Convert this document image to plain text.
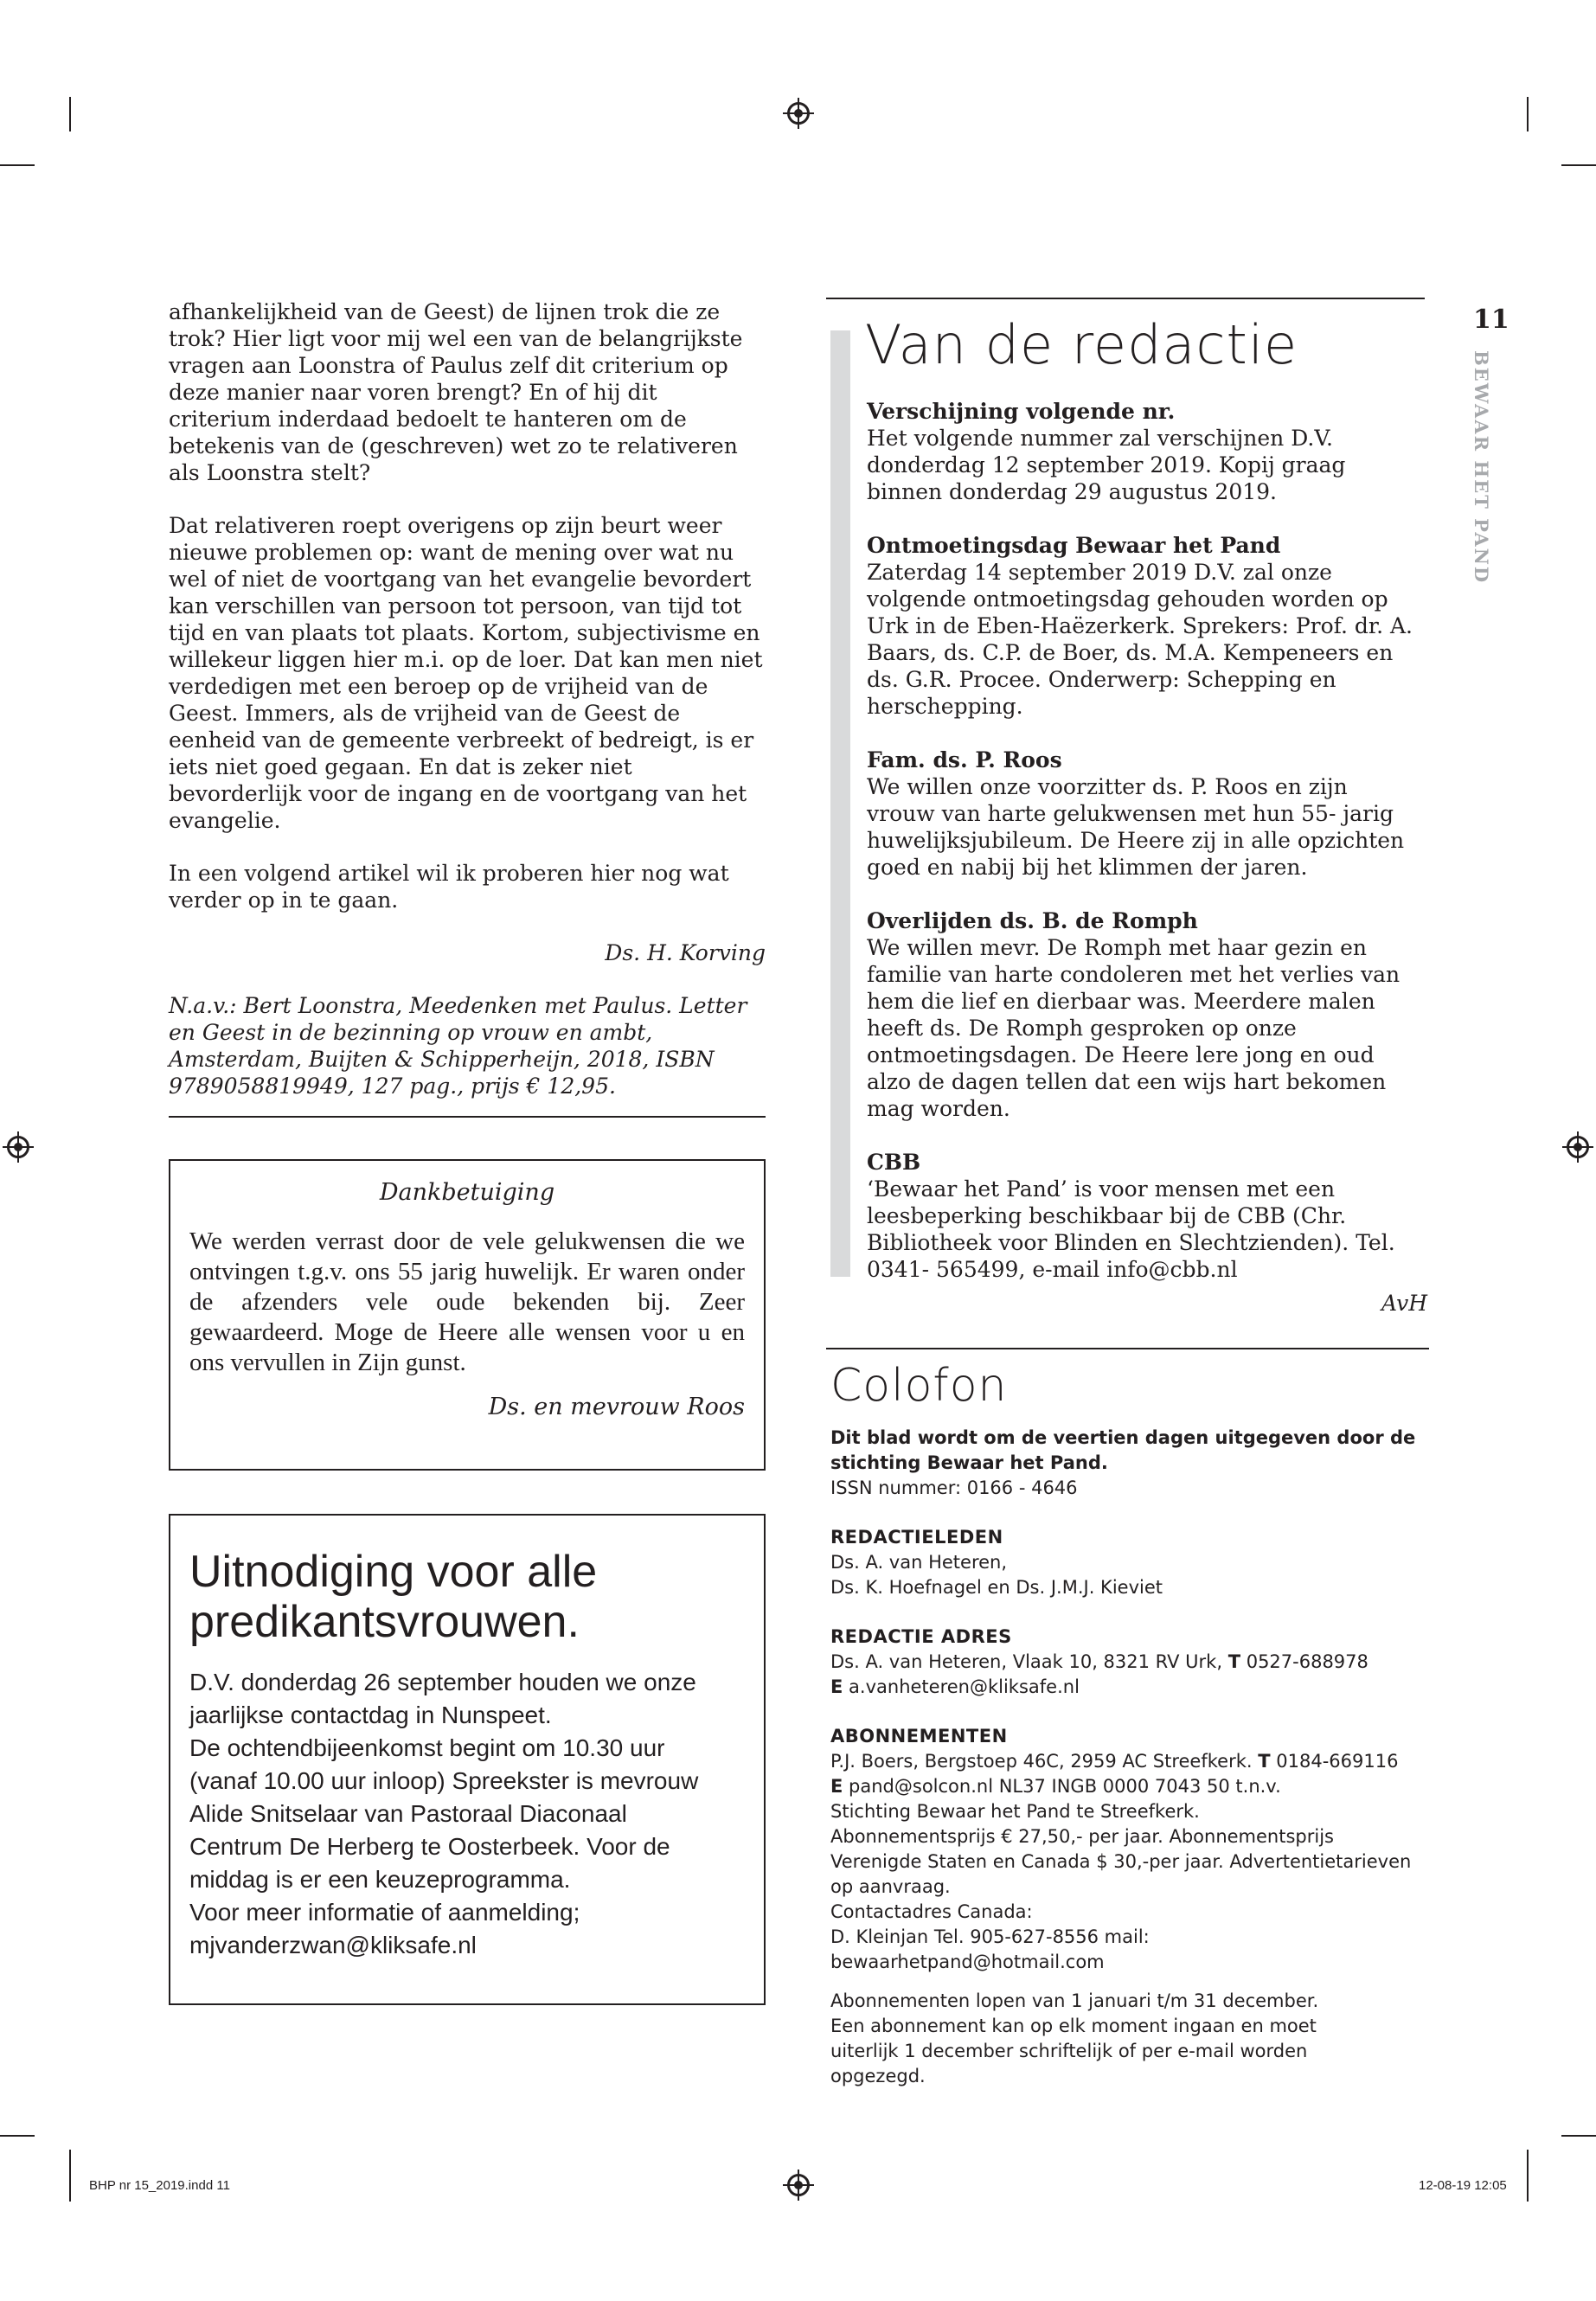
11
BEWAAR HET PAND

afhankelijkheid van de Geest) de lijnen trok die ze trok? Hier ligt voor mij wel een van de belangrijkste vragen aan Loonstra of Paulus zelf dit criterium op deze manier naar voren brengt? En of hij dit criterium inderdaad bedoelt te hanteren om de betekenis van de (geschreven) wet zo te relativeren als Loonstra stelt?

Dat relativeren roept overigens op zijn beurt weer nieuwe problemen op: want de mening over wat nu wel of niet de voortgang van het evangelie bevordert kan verschillen van persoon tot persoon, van tijd tot tijd en van plaats tot plaats. Kortom, subjectivisme en willekeur liggen hier m.i. op de loer. Dat kan men niet verdedigen met een beroep op de vrijheid van de Geest. Immers, als de vrijheid van de Geest de eenheid van de gemeente verbreekt of bedreigt, is er iets niet goed gegaan. En dat is zeker niet bevorderlijk voor de ingang en de voortgang van het evangelie.

In een volgend artikel wil ik proberen hier nog wat verder op in te gaan.

Ds. H. Korving

N.a.v.: Bert Loonstra, Meedenken met Paulus. Letter en Geest in de bezinning op vrouw en ambt, Amsterdam, Buijten & Schipperheijn, 2018, ISBN 9789058819949, 127 pag., prijs € 12,95.

Dankbetuiging
We werden verrast door de vele gelukwensen die we ontvingen t.g.v. ons 55 jarig huwelijk. Er waren onder de afzenders vele oude bekenden bij. Zeer gewaardeerd. Moge de Heere alle wensen voor u en ons vervullen in Zijn gunst.
Ds. en mevrouw Roos
Uitnodiging voor alle
predikantsvrouwen.
D.V. donderdag 26 september houden we onze
jaarlijkse contactdag in Nunspeet.
De ochtendbijeenkomst begint om 10.30 uur
(vanaf 10.00 uur inloop) Spreekster is mevrouw
Alide Snitselaar van Pastoraal Diaconaal
Centrum De Herberg te Oosterbeek. Voor de
middag is er een keuzeprogramma.
Voor meer informatie of aanmelding;
mjvanderzwan@kliksafe.nl
Van de redactie
Verschijning volgende nr.

Het volgende nummer zal verschijnen D.V. donderdag 12 september 2019. Kopij graag binnen donderdag 29 augustus 2019.

Ontmoetingsdag Bewaar het Pand

Zaterdag 14 september 2019 D.V. zal onze volgende ontmoetingsdag gehouden worden op Urk in de Eben-Haëzerkerk. Sprekers: Prof. dr. A. Baars, ds. C.P. de Boer, ds. M.A. Kempeneers en ds. G.R. Procee. Onderwerp: Schepping en herschepping.

Fam. ds. P. Roos

We willen onze voorzitter ds. P. Roos en zijn vrouw van harte gelukwensen met hun 55- jarig huwelijksjubileum. De Heere zij in alle opzichten goed en nabij bij het klimmen der jaren.

Overlijden ds. B. de Romph

We willen mevr. De Romph met haar gezin en familie van harte condoleren met het verlies van hem die lief en dierbaar was. Meerdere malen heeft ds. De Romph gesproken op onze ontmoetingsdagen. De Heere lere jong en oud alzo de dagen tellen dat een wijs hart bekomen mag worden.

CBB

‘Bewaar het Pand’ is voor mensen met een leesbeperking beschikbaar bij de CBB (Chr. Bibliotheek voor Blinden en Slechtzienden). Tel. 0341- 565499, e-mail info@cbb.nl

AvH
Colofon

Dit blad wordt om de veertien dagen uitgegeven door de stichting Bewaar het Pand.

ISSN nummer: 0166 - 4646

REDACTIELEDEN

Ds. A. van Heteren,

Ds. K. Hoefnagel en Ds. J.M.J. Kieviet

REDACTIE ADRES

Ds. A. van Heteren, Vlaak 10, 8321 RV Urk, T 0527-688978

E a.vanheteren@kliksafe.nl

ABONNEMENTEN

P.J. Boers, Bergstoep 46C, 2959 AC Streefkerk. T 0184-669116

E pand@solcon.nl NL37 INGB 0000 7043 50 t.n.v.

Stichting Bewaar het Pand te Streefkerk.

Abonnementsprijs € 27,50,- per jaar. Abonnementsprijs Verenigde Staten en Canada $ 30,-per jaar. Advertentietarieven op aanvraag.

Contactadres Canada:

D. Kleinjan Tel. 905-627-8556 mail: bewaarhetpand@hotmail.com

Abonnementen lopen van 1 januari t/m 31 december.

Een abonnement kan op elk moment ingaan en moet uiterlijk 1 december schriftelijk of per e-mail worden opgezegd.

BHP nr 15_2019.indd 11	12-08-19 12:05
